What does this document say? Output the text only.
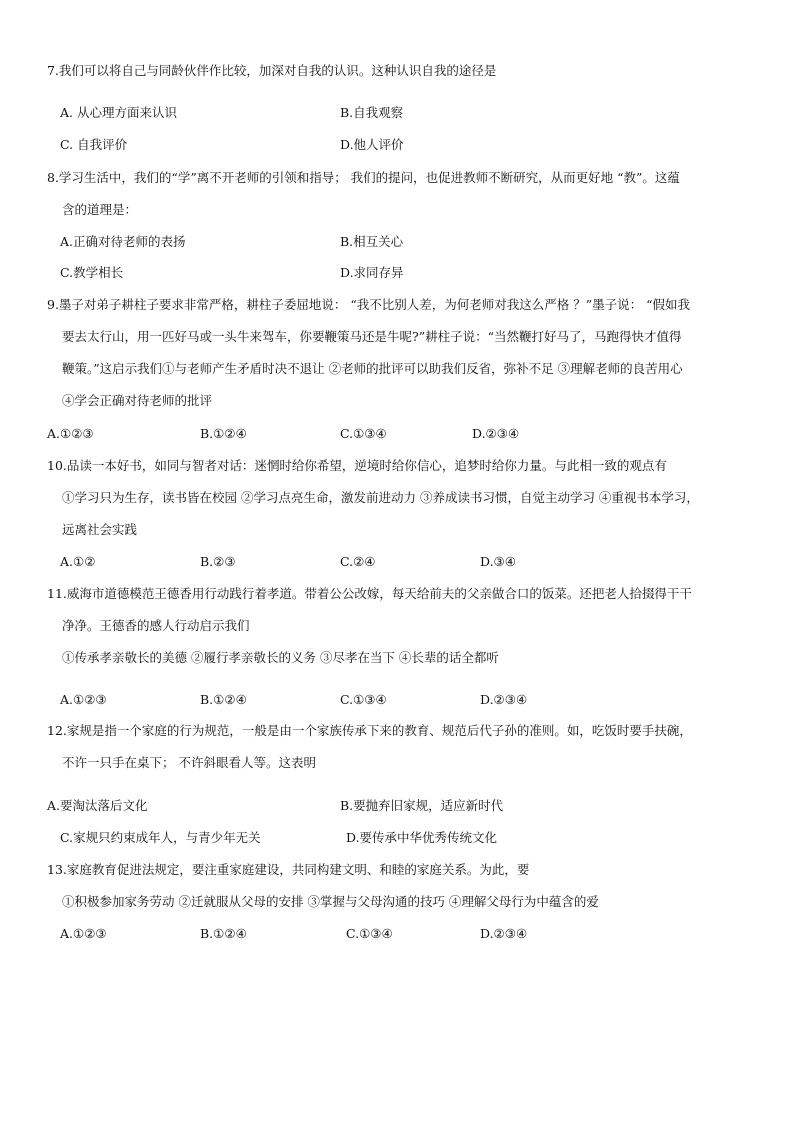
7.我们可以将自己与同龄伙伴作比较，加深对自我的认识。这种认识自我的途径是
A. 从心理方面来认识	B.自我观察
C. 自我评价	D.他人评价
8.学习生活中，我们的“学”离不开老师的引领和指导； 我们的提问，也促进教师不断研究，从而更好地 “教”。这蕴
含的道理是：
A.正确对待老师的表扬	B.相互关心
C.教学相长	D.求同存异
9.墨子对弟子耕柱子要求非常严格，耕柱子委屈地说： “我不比别人差，为何老师对我这么严格 ？”墨子说： “假如我
要去太行山，用一匹好马或一头牛来驾车，你要鞭策马还是牛呢?”耕柱子说：“当然鞭打好马了，马跑得快才值得
鞭策。”这启示我们①与老师产生矛盾时决不退让 ②老师的批评可以助我们反省，弥补不足 ③理解老师的良苦用心
④学会正确对待老师的批评
A.①②③	B.①②④	C.①③④	D.②③④
10.品读一本好书，如同与智者对话：迷惘时给你希望，逆境时给你信心，追梦时给你力量。与此相一致的观点有
①学习只为生存，读书皆在校园 ②学习点亮生命，激发前进动力 ③养成读书习惯，自觉主动学习 ④重视书本学习，
远离社会实践
A.①②	B.②③	C.②④	D.③④
11.威海市道德模范王德香用行动践行着孝道。带着公公改嫁，每天给前夫的父亲做合口的饭菜。还把老人拾掇得干干
净净。王德香的感人行动启示我们
①传承孝亲敬长的美德 ②履行孝亲敬长的义务 ③尽孝在当下 ④长辈的话全都听
A.①②③	B.①②④	C.①③④	D.②③④
12.家规是指一个家庭的行为规范，一般是由一个家族传承下来的教育、规范后代子孙的准则。如，吃饭时要手扶碗，
不许一只手在桌下； 不许斜眼看人等。这表明
A.要淘汰落后文化	B.要抛弃旧家规，适应新时代
C.家规只约束成年人，与青少年无关	D.要传承中华优秀传统文化
13.家庭教育促进法规定，要注重家庭建设，共同构建文明、和睦的家庭关系。为此，要
①积极参加家务劳动 ②迁就服从父母的安排 ③掌握与父母沟通的技巧 ④理解父母行为中蕴含的爱
A.①②③	B.①②④	C.①③④	D.②③④
